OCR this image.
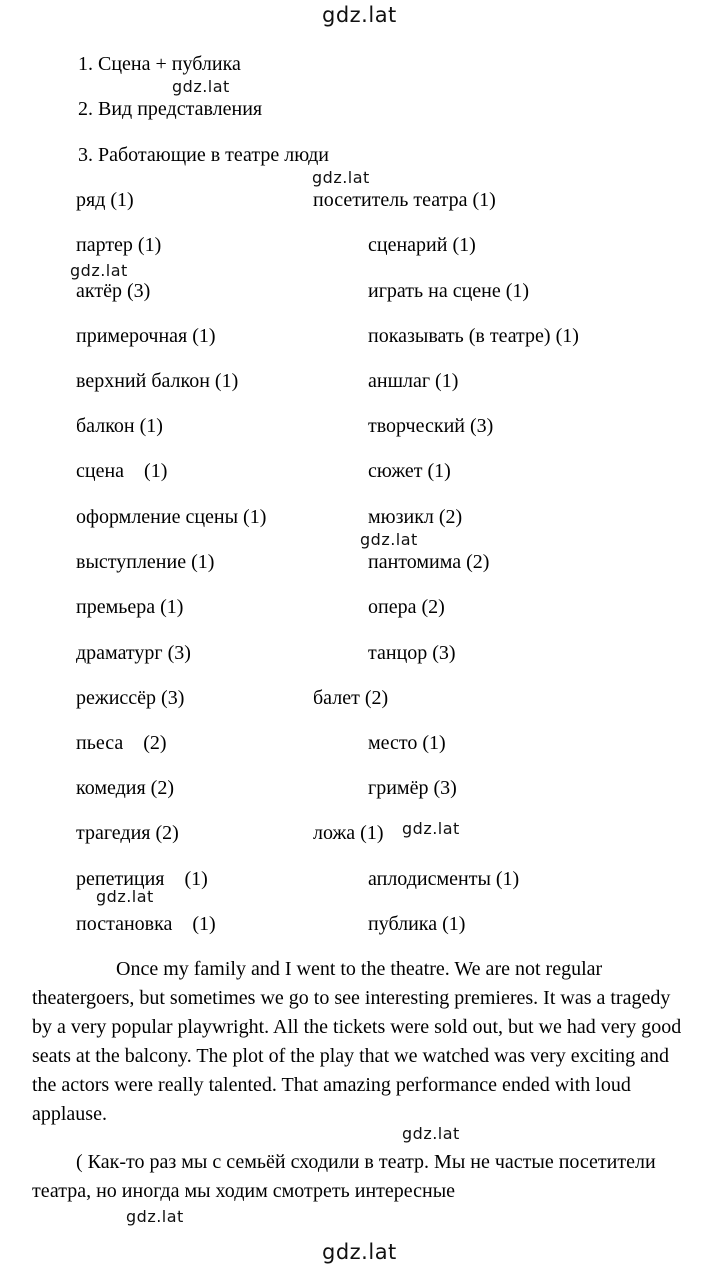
gdz.lat
gdz.lat
gdz.lat
gdz.lat
gdz.lat
gdz.lat
gdz.lat
gdz.lat
gdz.lat
gdz.lat
1. Сцена + публика
2. Вид представления
3. Работающие в театре люди
ряд (1)	посетитель театра (1)
партер (1)	сценарий (1)
актёр (3)	играть на сцене (1)
примерочная (1)	показывать (в театре) (1)
верхний балкон (1)	аншлаг (1)
балкон (1)	творческий (3)
сцена    (1)	сюжет (1)
оформление сцены (1)	мюзикл (2)
выступление (1)	пантомима (2)
премьера (1)	опера (2)
драматург (3)	танцор (3)
режиссёр (3)	балет (2)
пьеса    (2)	место (1)
комедия (2)	гримёр (3)
трагедия (2)	ложа (1)
репетиция    (1)	аплодисменты (1)
постановка    (1)	публика (1)

Once my family and I went to the theatre. We are not regular theatergoers, but sometimes we go to see interesting premieres. It was a tragedy by a very popular playwright. All the tickets were sold out, but we had very good seats at the balcony. The plot of the play that we watched was very exciting and the actors were really talented. That amazing performance ended with loud applause.

( Как-то раз мы с семьёй сходили в театр. Мы не частые посетители театра, но иногда мы ходим смотреть интересные
